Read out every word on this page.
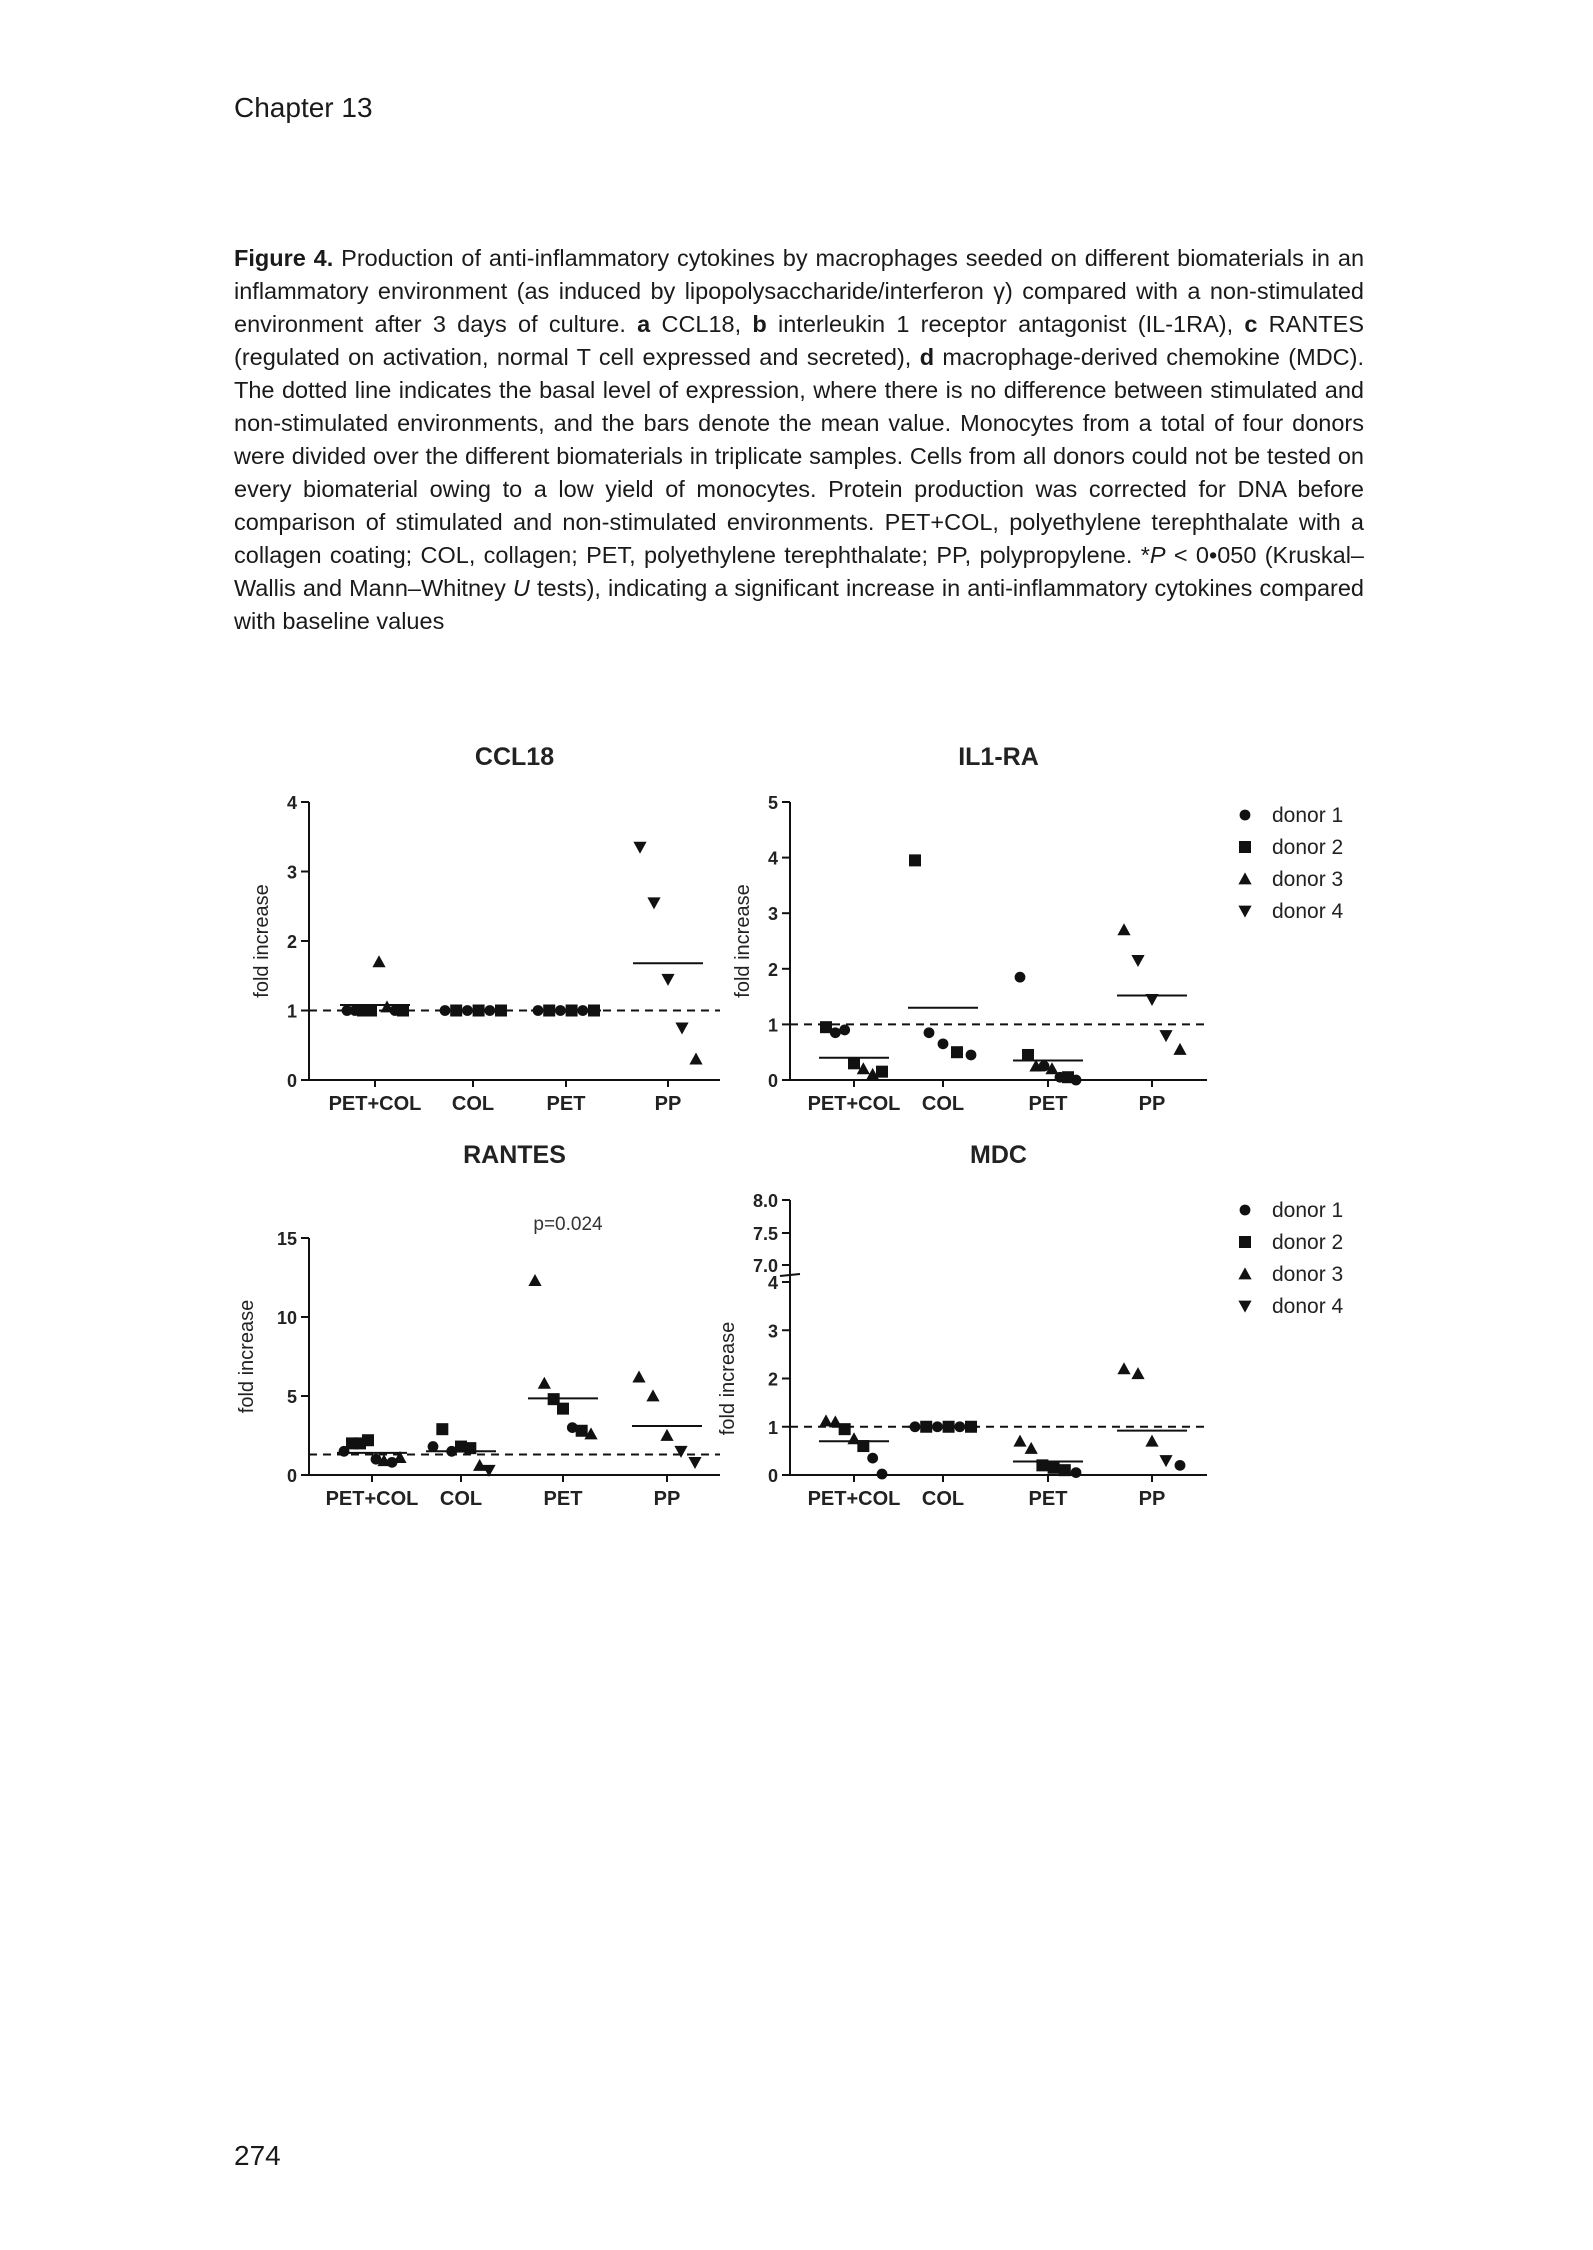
Chapter 13
Figure 4. Production of anti-inflammatory cytokines by macrophages seeded on different biomaterials in an inflammatory environment (as induced by lipopolysaccharide/interferon γ) compared with a non-stimulated environment after 3 days of culture. a CCL18, b interleukin 1 receptor antagonist (IL-1RA), c RANTES (regulated on activation, normal T cell expressed and secreted), d macrophage-derived chemokine (MDC). The dotted line indicates the basal level of expression, where there is no difference between stimulated and non-stimulated environments, and the bars denote the mean value. Monocytes from a total of four donors were divided over the different biomaterials in triplicate samples. Cells from all donors could not be tested on every biomaterial owing to a low yield of monocytes. Protein production was corrected for DNA before comparison of stimulated and non-stimulated environments. PET+COL, polyethylene terephthalate with a collagen coating; COL, collagen; PET, polyethylene terephthalate; PP, polypropylene. *P < 0•050 (Kruskal–Wallis and Mann–Whitney U tests), indicating a significant increase in anti-inflammatory cytokines compared with baseline values
CCL18
0
1
2
3
4
fold increase
PET+COL COL	PET	PP
IL1-RA
0
1
2
3
4
5
fold increase
PET+COL COL	PET	PP
RANTES
0
5
10
15
fold increase
PET+COL COL	PET	PP
p=0.024
MDC
0
1
2
3
4
7.0
7.5
8.0
fold increase
PET+COL COL	PET	PP
donor 1
donor 2
donor 3
donor 4
donor 1
donor 2
donor 3
donor 4
274
